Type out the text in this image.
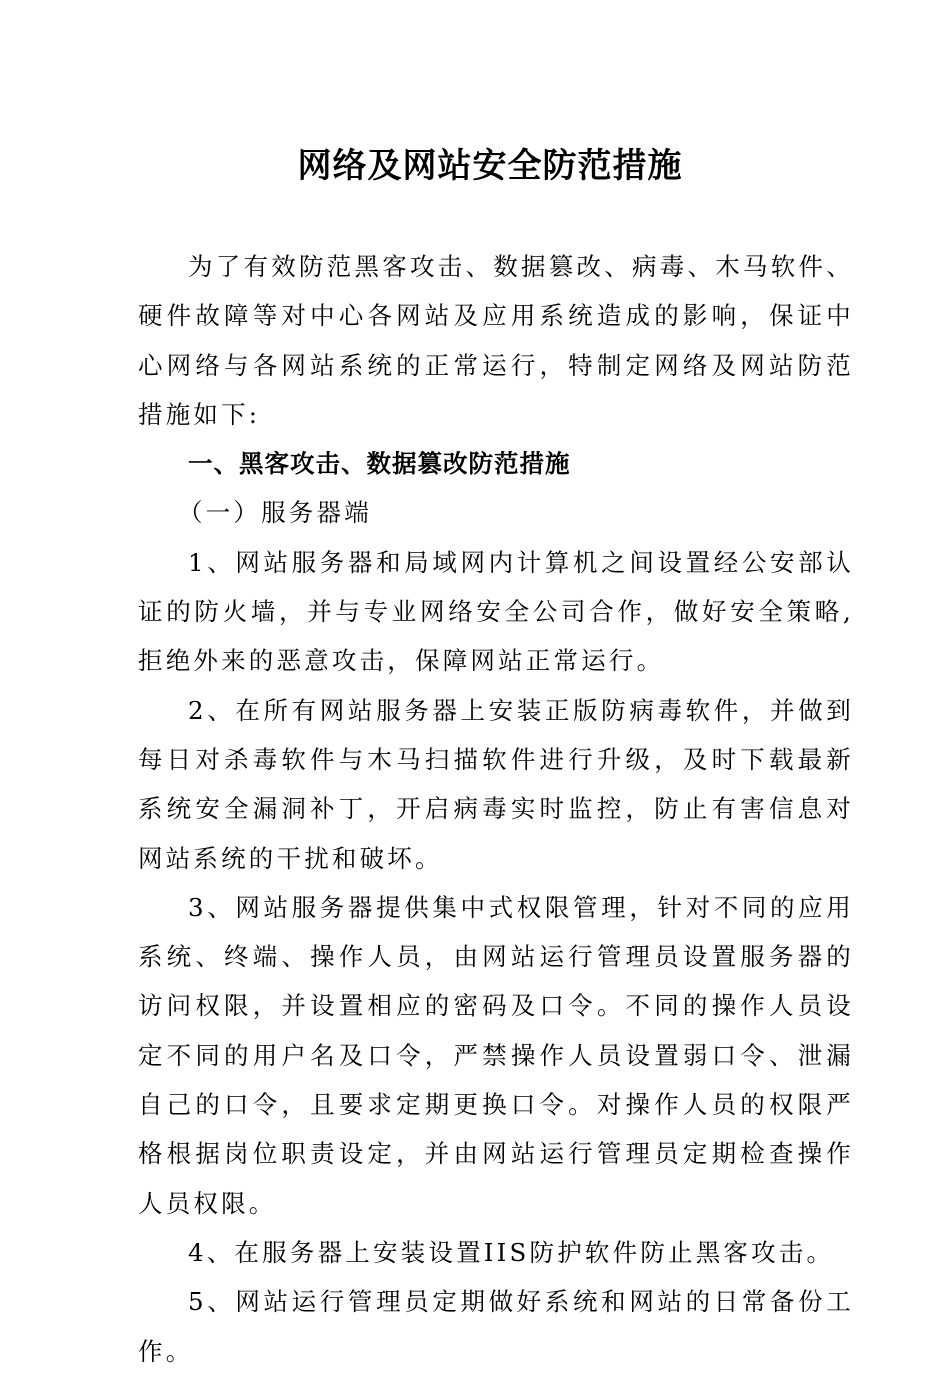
网络及网站安全防范措施

为了有效防范黑客攻击、数据篡改、病毒、木马软件、硬件故障等对中心各网站及应用系统造成的影响，保证中心网络与各网站系统的正常运行，特制定网络及网站防范措施如下:

一、黑客攻击、数据篡改防范措施

（一）服务器端

1、网站服务器和局域网内计算机之间设置经公安部认证的防火墙，并与专业网络安全公司合作，做好安全策略,拒绝外来的恶意攻击，保障网站正常运行。

2、在所有网站服务器上安装正版防病毒软件，并做到每日对杀毒软件与木马扫描软件进行升级，及时下载最新系统安全漏洞补丁，开启病毒实时监控，防止有害信息对网站系统的干扰和破坏。

3、网站服务器提供集中式权限管理，针对不同的应用系统、终端、操作人员，由网站运行管理员设置服务器的访问权限，并设置相应的密码及口令。不同的操作人员设定不同的用户名及口令，严禁操作人员设置弱口令、泄漏自己的口令，且要求定期更换口令。对操作人员的权限严格根据岗位职责设定，并由网站运行管理员定期检查操作人员权限。

4、在服务器上安装设置IIS防护软件防止黑客攻击。

5、网站运行管理员定期做好系统和网站的日常备份工作。
